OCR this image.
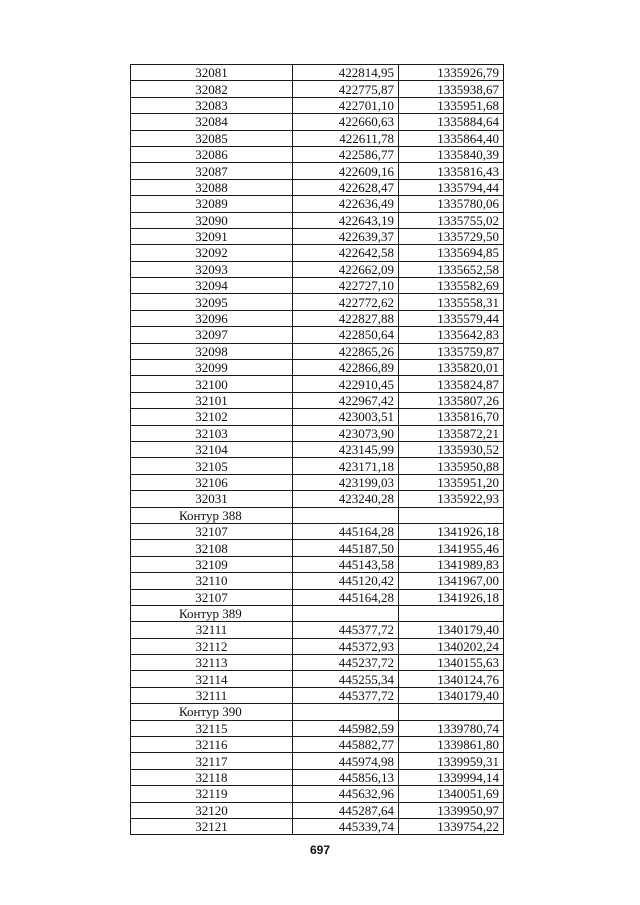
32081	422814,95	1335926,79
32082	422775,87	1335938,67
32083	422701,10	1335951,68
32084	422660,63	1335884,64
32085	422611,78	1335864,40
32086	422586,77	1335840,39
32087	422609,16	1335816,43
32088	422628,47	1335794,44
32089	422636,49	1335780,06
32090	422643,19	1335755,02
32091	422639,37	1335729,50
32092	422642,58	1335694,85
32093	422662,09	1335652,58
32094	422727,10	1335582,69
32095	422772,62	1335558,31
32096	422827,88	1335579,44
32097	422850,64	1335642,83
32098	422865,26	1335759,87
32099	422866,89	1335820,01
32100	422910,45	1335824,87
32101	422967,42	1335807,26
32102	423003,51	1335816,70
32103	423073,90	1335872,21
32104	423145,99	1335930,52
32105	423171,18	1335950,88
32106	423199,03	1335951,20
32031	423240,28	1335922,93
Контур 388		
32107	445164,28	1341926,18
32108	445187,50	1341955,46
32109	445143,58	1341989,83
32110	445120,42	1341967,00
32107	445164,28	1341926,18
Контур 389		
32111	445377,72	1340179,40
32112	445372,93	1340202,24
32113	445237,72	1340155,63
32114	445255,34	1340124,76
32111	445377,72	1340179,40
Контур 390		
32115	445982,59	1339780,74
32116	445882,77	1339861,80
32117	445974,98	1339959,31
32118	445856,13	1339994,14
32119	445632,96	1340051,69
32120	445287,64	1339950,97
32121	445339,74	1339754,22
697
